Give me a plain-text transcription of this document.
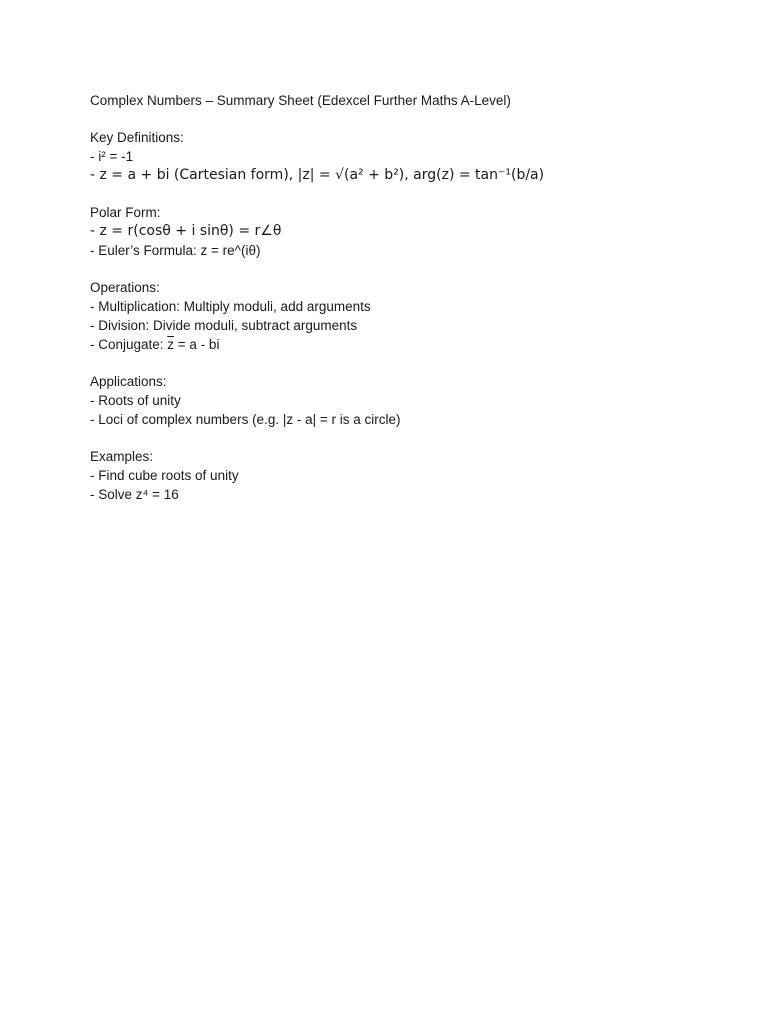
Complex Numbers – Summary Sheet (Edexcel Further Maths A-Level)
Key Definitions:
- i² = -1
- z = a + bi (Cartesian form), |z| = √(a² + b²), arg(z) = tan⁻¹(b/a)
Polar Form:
- z = r(cosθ + i sinθ) = r∠θ
- Euler’s Formula: z = re^(iθ)
Operations:
- Multiplication: Multiply moduli, add arguments
- Division: Divide moduli, subtract arguments
- Conjugate: $\overline{z} = a$ - bi
Applications:
- Roots of unity
- Loci of complex numbers (e.g. |z - a| = r is a circle)
Examples:
- Find cube roots of unity
- Solve z⁴ = 16
